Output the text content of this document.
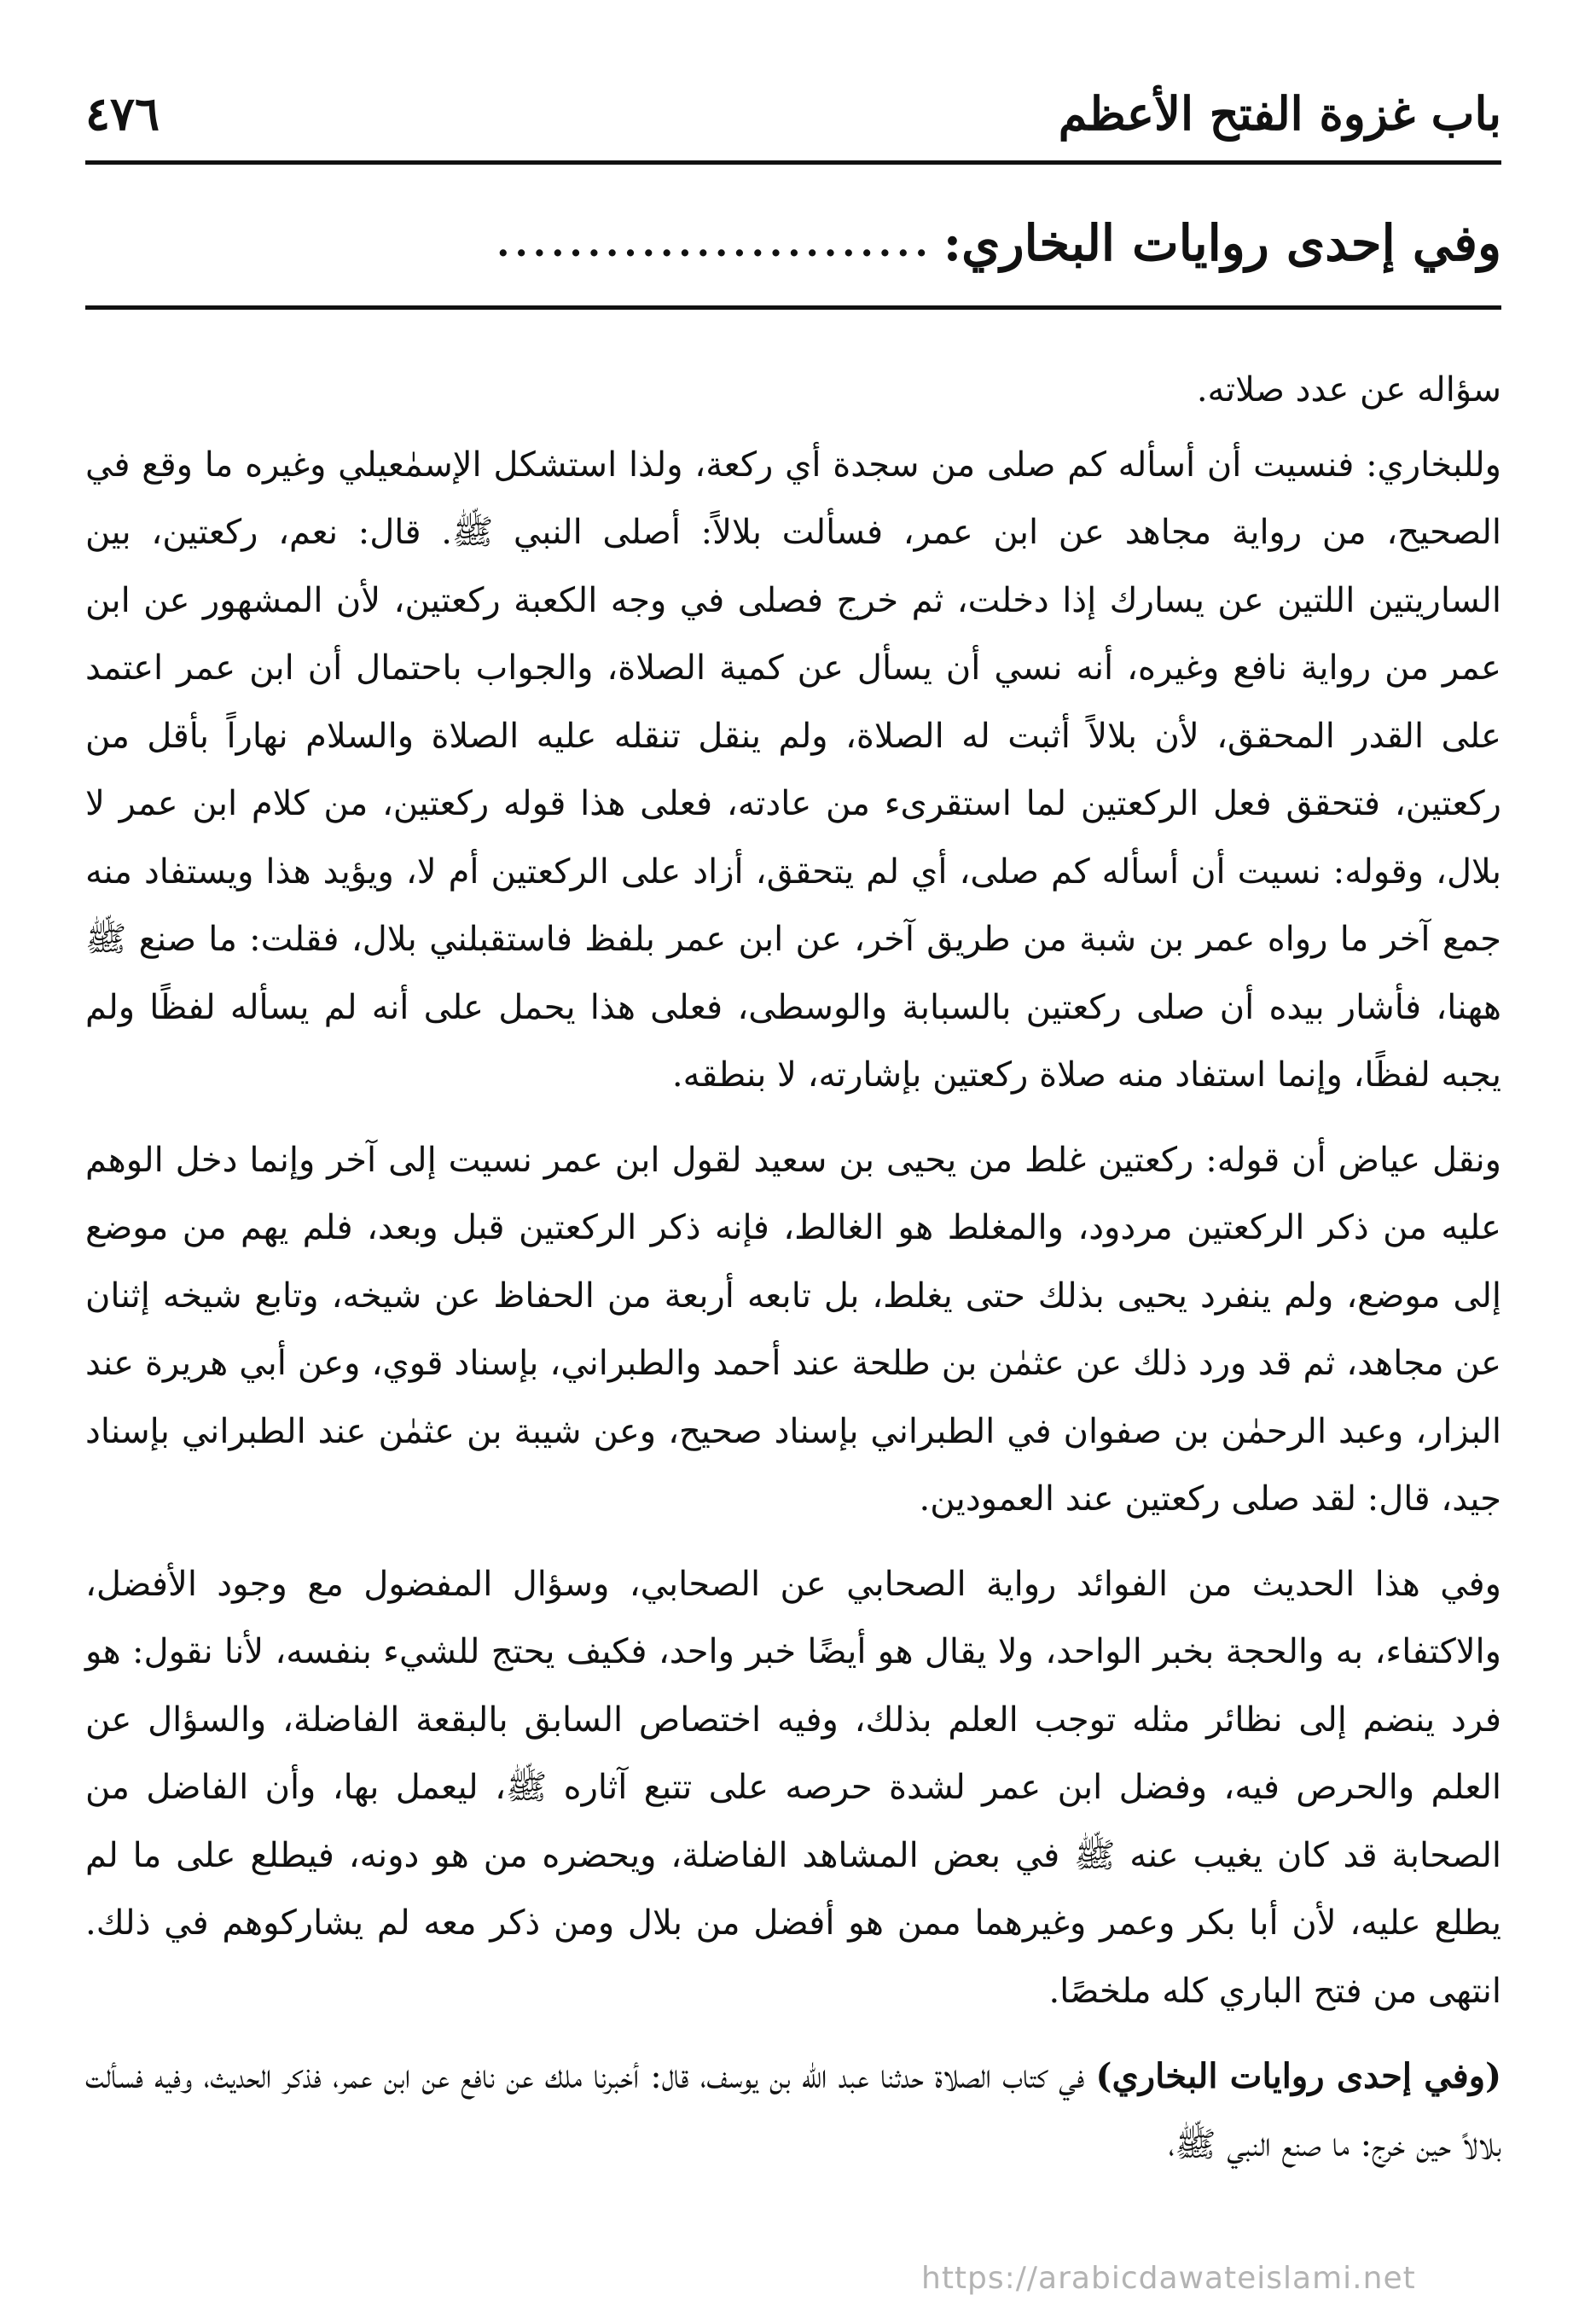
باب غزوة الفتح الأعظم
٤٧٦
وفي إحدى روايات البخاري:
........................

سؤاله عن عدد صلاته.

وللبخاري: فنسيت أن أسأله كم صلى من سجدة أي ركعة، ولذا استشكل الإسمٰعيلي وغيره ما وقع في الصحيح، من رواية مجاهد عن ابن عمر، فسألت بلالاً: أصلى النبي ﷺ. قال: نعم، ركعتين، بين الساريتين اللتين عن يسارك إذا دخلت، ثم خرج فصلى في وجه الكعبة ركعتين، لأن المشهور عن ابن عمر من رواية نافع وغيره، أنه نسي أن يسأل عن كمية الصلاة، والجواب باحتمال أن ابن عمر اعتمد على القدر المحقق، لأن بلالاً أثبت له الصلاة، ولم ينقل تنقله عليه الصلاة والسلام نهاراً بأقل من ركعتين، فتحقق فعل الركعتين لما استقرىء من عادته، فعلى هذا قوله ركعتين، من كلام ابن عمر لا بلال، وقوله: نسيت أن أسأله كم صلى، أي لم يتحقق، أزاد على الركعتين أم لا، ويؤيد هذا ويستفاد منه جمع آخر ما رواه عمر بن شبة من طريق آخر، عن ابن عمر بلفظ فاستقبلني بلال، فقلت: ما صنع ﷺ ههنا، فأشار بيده أن صلى ركعتين بالسبابة والوسطى، فعلى هذا يحمل على أنه لم يسأله لفظًا ولم يجبه لفظًا، وإنما استفاد منه صلاة ركعتين بإشارته، لا بنطقه.

ونقل عياض أن قوله: ركعتين غلط من يحيى بن سعيد لقول ابن عمر نسيت إلى آخر وإنما دخل الوهم عليه من ذكر الركعتين مردود، والمغلط هو الغالط، فإنه ذكر الركعتين قبل وبعد، فلم يهم من موضع إلى موضع، ولم ينفرد يحيى بذلك حتى يغلط، بل تابعه أربعة من الحفاظ عن شيخه، وتابع شيخه إثنان عن مجاهد، ثم قد ورد ذلك عن عثمٰن بن طلحة عند أحمد والطبراني، بإسناد قوي، وعن أبي هريرة عند البزار، وعبد الرحمٰن بن صفوان في الطبراني بإسناد صحيح، وعن شيبة بن عثمٰن عند الطبراني بإسناد جيد، قال: لقد صلى ركعتين عند العمودين.

وفي هذا الحديث من الفوائد رواية الصحابي عن الصحابي، وسؤال المفضول مع وجود الأفضل، والاكتفاء، به والحجة بخبر الواحد، ولا يقال هو أيضًا خبر واحد، فكيف يحتج للشيء بنفسه، لأنا نقول: هو فرد ينضم إلى نظائر مثله توجب العلم بذلك، وفيه اختصاص السابق بالبقعة الفاضلة، والسؤال عن العلم والحرص فيه، وفضل ابن عمر لشدة حرصه على تتبع آثاره ﷺ، ليعمل بها، وأن الفاضل من الصحابة قد كان يغيب عنه ﷺ في بعض المشاهد الفاضلة، ويحضره من هو دونه، فيطلع على ما لم يطلع عليه، لأن أبا بكر وعمر وغيرهما ممن هو أفضل من بلال ومن ذكر معه لم يشاركوهم في ذلك. انتهى من فتح الباري كله ملخصًا.

(وفي إحدى روايات البخاري) في كتاب الصلاة حدثنا عبد اللّٰه بن يوسف، قال: أخبرنا ملك عن نافع عن ابن عمر، فذكر الحديث، وفيه فسألت بلالاً حين خرج: ما صنع النبي ﷺ،

https://arabicdawateislami.net
